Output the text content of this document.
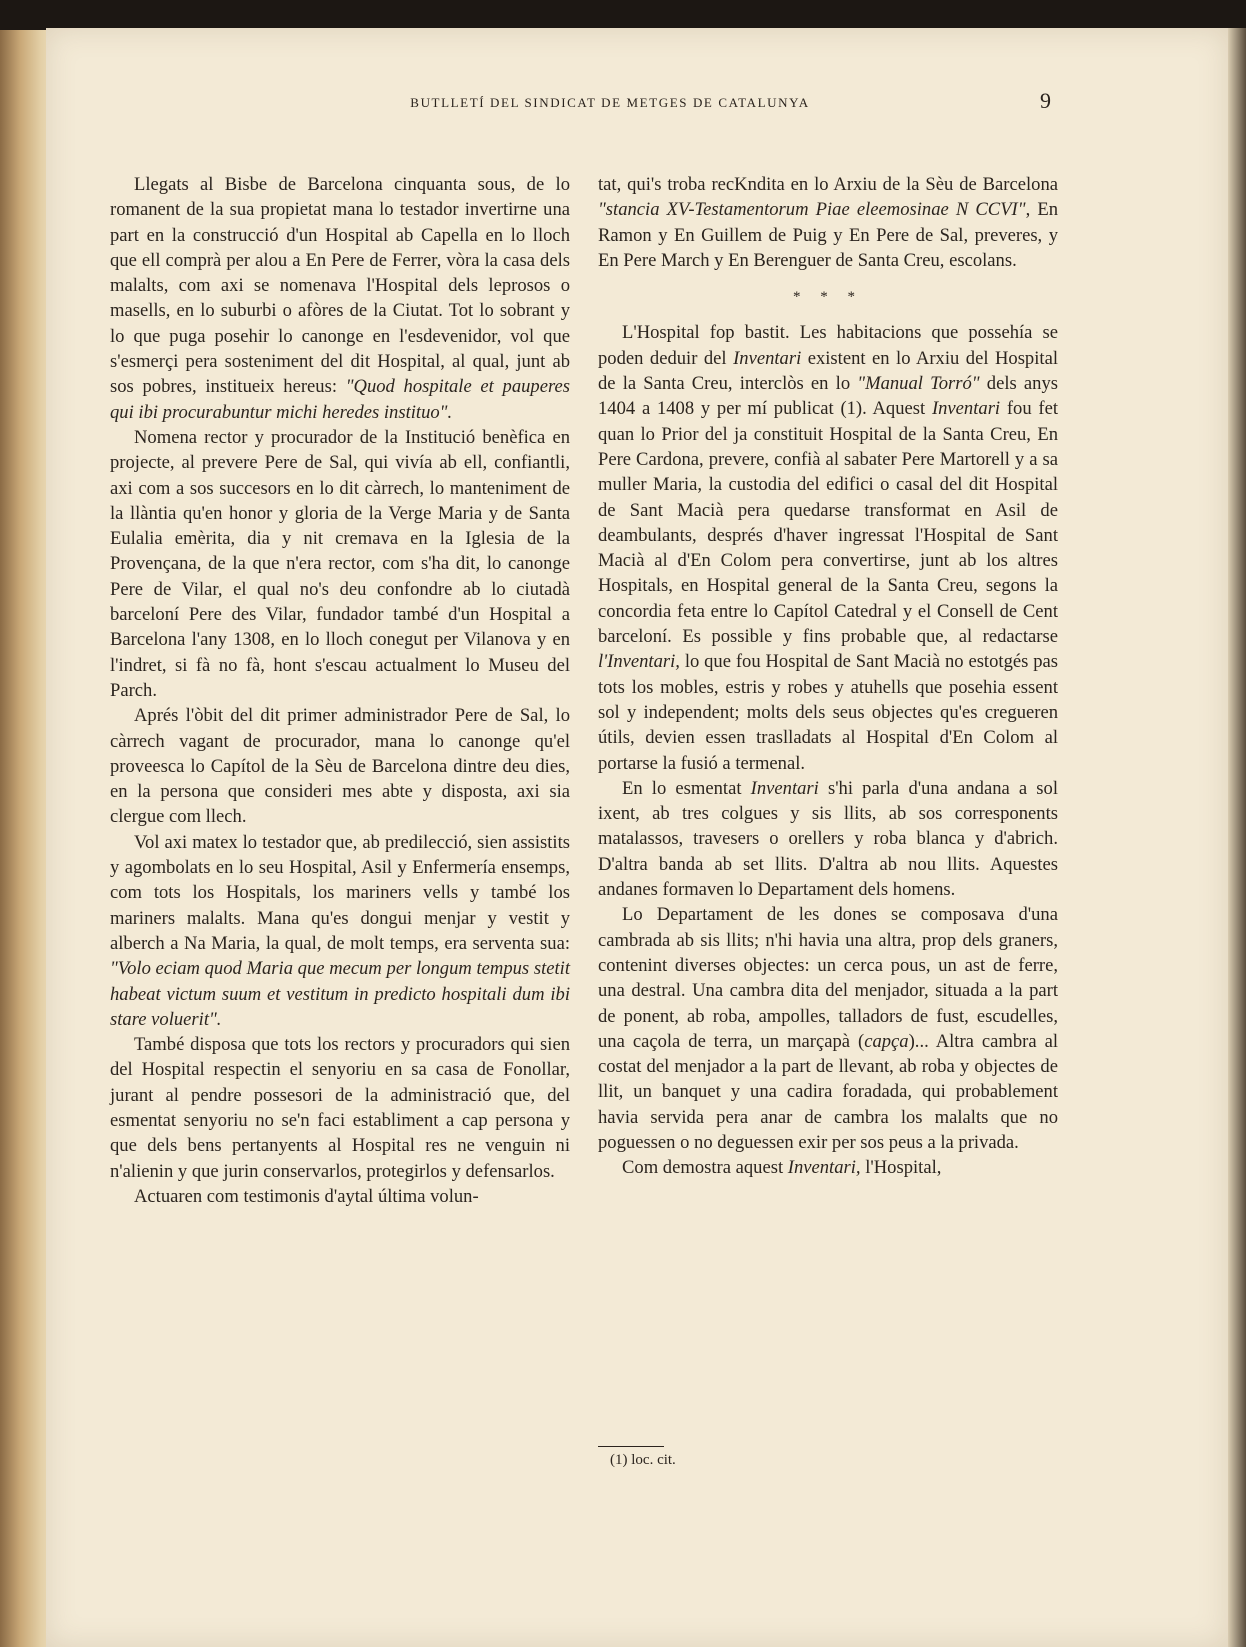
BUTLLETÍ DEL SINDICAT DE METGES DE CATALUNYA	9

Llegats al Bisbe de Barcelona cinquanta sous, de lo romanent de la sua propietat mana lo testador invertirne una part en la construcció d'un Hospital ab Capella en lo lloch que ell comprà per alou a En Pere de Ferrer, vòra la casa dels malalts, com axi se nomenava l'Hospital dels leprosos o masells, en lo suburbi o afòres de la Ciutat. Tot lo sobrant y lo que puga posehir lo canonge en l'esdevenidor, vol que s'esmerçi pera sosteniment del dit Hospital, al qual, junt ab sos pobres, institueix hereus: "Quod hospitale et pauperes qui ibi procurabuntur michi heredes instituo".

Nomena rector y procurador de la Institució benèfica en projecte, al prevere Pere de Sal, qui vivía ab ell, confiantli, axi com a sos succesors en lo dit càrrech, lo manteniment de la llàntia qu'en honor y gloria de la Verge Maria y de Santa Eulalia emèrita, dia y nit cremava en la Iglesia de la Provençana, de la que n'era rector, com s'ha dit, lo canonge Pere de Vilar, el qual no's deu confondre ab lo ciutadà barceloní Pere des Vilar, fundador també d'un Hospital a Barcelona l'any 1308, en lo lloch conegut per Vilanova y en l'indret, si fà no fà, hont s'escau actualment lo Museu del Parch.

Aprés l'òbit del dit primer administrador Pere de Sal, lo càrrech vagant de procurador, mana lo canonge qu'el proveesca lo Capítol de la Sèu de Barcelona dintre deu dies, en la persona que consideri mes abte y disposta, axi sia clergue com llech.

Vol axi matex lo testador que, ab predilecció, sien assistits y agombolats en lo seu Hospital, Asil y Enfermería ensemps, com tots los Hospitals, los mariners vells y també los mariners malalts. Mana qu'es dongui menjar y vestit y alberch a Na Maria, la qual, de molt temps, era serventa sua: "Volo eciam quod Maria que mecum per longum tempus stetit habeat victum suum et vestitum in predicto hospitali dum ibi stare voluerit".

També disposa que tots los rectors y procuradors qui sien del Hospital respectin el senyoriu en sa casa de Fonollar, jurant al pendre possesori de la administració que, del esmentat senyoriu no se'n faci establiment a cap persona y que dels bens pertanyents al Hospital res ne venguin ni n'alienin y que jurin conservarlos, protegirlos y defensarlos.

Actuaren com testimonis d'aytal última volun-

tat, qui's troba recKndita en lo Arxiu de la Sèu de Barcelona "stancia XV-Testamentorum Piae eleemosinae N CCVI", En Ramon y En Guillem de Puig y En Pere de Sal, preveres, y En Pere March y En Berenguer de Santa Creu, escolans.

* * *

L'Hospital fop bastit. Les habitacions que possehía se poden deduir del Inventari existent en lo Arxiu del Hospital de la Santa Creu, interclòs en lo "Manual Torró" dels anys 1404 a 1408 y per mí publicat (1). Aquest Inventari fou fet quan lo Prior del ja constituit Hospital de la Santa Creu, En Pere Cardona, prevere, confià al sabater Pere Martorell y a sa muller Maria, la custodia del edifici o casal del dit Hospital de Sant Macià pera quedarse transformat en Asil de deambulants, després d'haver ingressat l'Hospital de Sant Macià al d'En Colom pera convertirse, junt ab los altres Hospitals, en Hospital general de la Santa Creu, segons la concordia feta entre lo Capítol Catedral y el Consell de Cent barceloní. Es possible y fins probable que, al redactarse l'Inventari, lo que fou Hospital de Sant Macià no estotgés pas tots los mobles, estris y robes y atuhells que posehia essent sol y independent; molts dels seus objectes qu'es cregueren útils, devien essen traslladats al Hospital d'En Colom al portarse la fusió a termenal.

En lo esmentat Inventari s'hi parla d'una andana a sol ixent, ab tres colgues y sis llits, ab sos corresponents matalassos, travesers o orellers y roba blanca y d'abrich. D'altra banda ab set llits. D'altra ab nou llits. Aquestes andanes formaven lo Departament dels homens.

Lo Departament de les dones se composava d'una cambrada ab sis llits; n'hi havia una altra, prop dels graners, contenint diverses objectes: un cerca pous, un ast de ferre, una destral. Una cambra dita del menjador, situada a la part de ponent, ab roba, ampolles, talladors de fust, escudelles, una caçola de terra, un marçapà (capça)... Altra cambra al costat del menjador a la part de llevant, ab roba y objectes de llit, un banquet y una cadira foradada, qui probablement havia servida pera anar de cambra los malalts que no poguessen o no deguessen exir per sos peus a la privada.

Com demostra aquest Inventari, l'Hospital,

(1) loc. cit.
